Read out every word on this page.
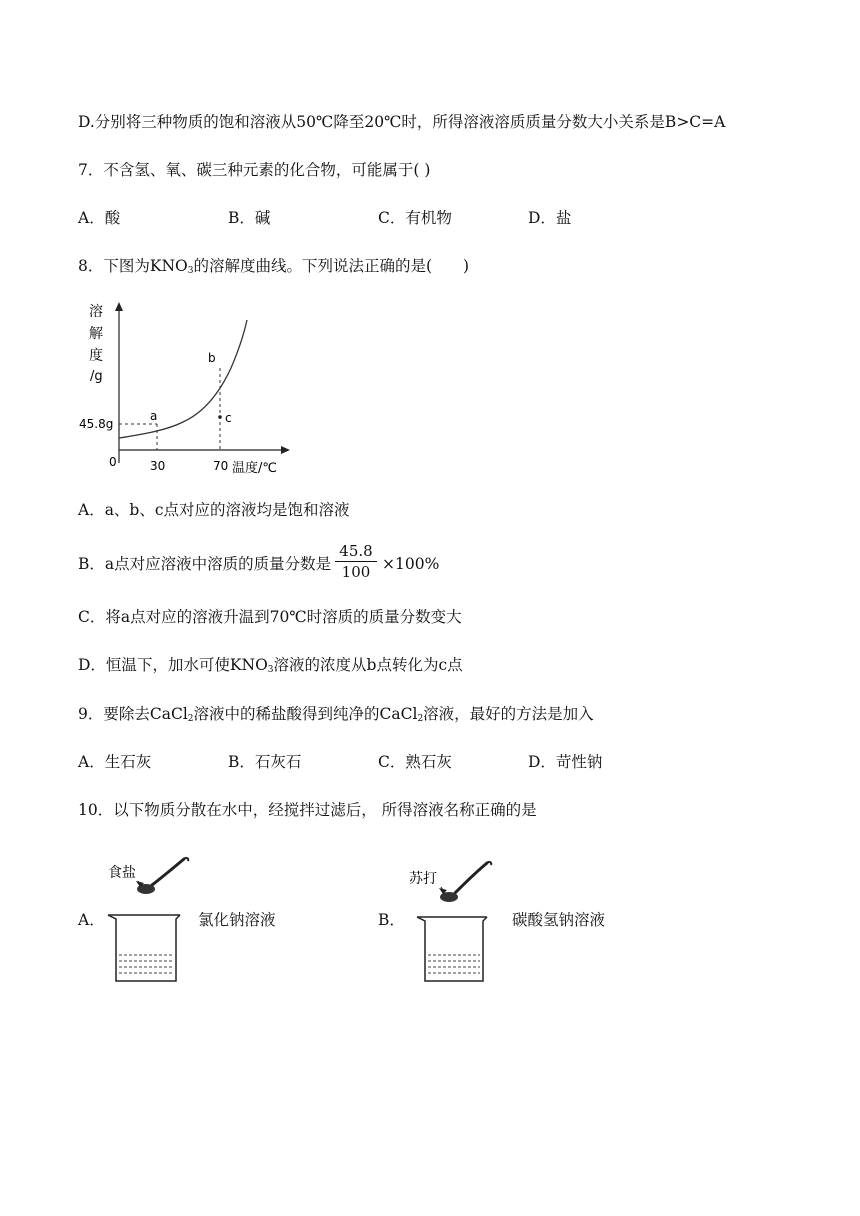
D.分别将三种物质的饱和溶液从50℃降至20℃时，所得溶液溶质质量分数大小关系是B>C=A
7．不含氢、氧、碳三种元素的化合物，可能属于( )
A．酸	B．碱	C．有机物	D．盐
8．下图为$KNO_3$的溶解度曲线。下列说法正确的是(　　)
溶
解
度
/g
a
b
c
45.8g
0	30	70 温度/℃
A．a、b、c点对应的溶液均是饱和溶液
B．a点对应溶液中溶质的质量分数是
45.8
100 ×100%
C．将a点对应的溶液升温到70℃时溶质的质量分数变大
D．恒温下，加水可使$KNO_3$溶液的浓度从b点转化为c点
9．要除去CaCl$_2$溶液中的稀盐酸得到纯净的CaCl$_2$溶液，最好的方法是加入
A．生石灰	B．石灰石	C．熟石灰	D．苛性钠
10．以下物质分散在水中，经搅拌过滤后， 所得溶液名称正确的是
A．
食盐
氯化钠溶液	B．
苏打
碳酸氢钠溶液
